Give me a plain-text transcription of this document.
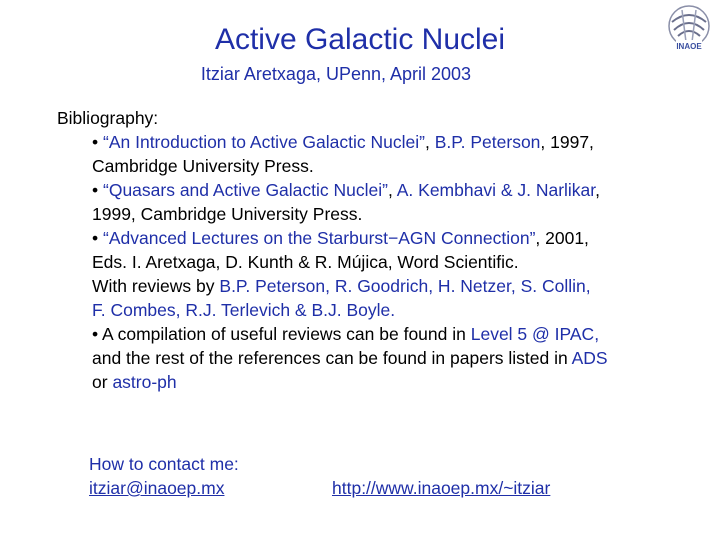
Active Galactic Nuclei
Itziar Aretxaga, UPenn, April 2003
INAOE
Bibliography:
• “An Introduction to Active Galactic Nuclei”, B.P. Peterson, 1997,
Cambridge University Press.
• “Quasars and Active Galactic Nuclei”, A. Kembhavi & J. Narlikar,
1999, Cambridge University Press.
• “Advanced Lectures on the Starburst−AGN Connection”, 2001,
Eds. I. Aretxaga, D. Kunth & R. Mújica, Word Scientific.
With reviews by B.P. Peterson, R. Goodrich, H. Netzer, S. Collin,
F. Combes, R.J. Terlevich & B.J. Boyle.
• A compilation of useful reviews can be found in Level 5 @ IPAC,
and the rest of the references can be found in papers listed in ADS
or astro-ph
How to contact me:
itziar@inaoep.mx	http://www.inaoep.mx/~itziar
